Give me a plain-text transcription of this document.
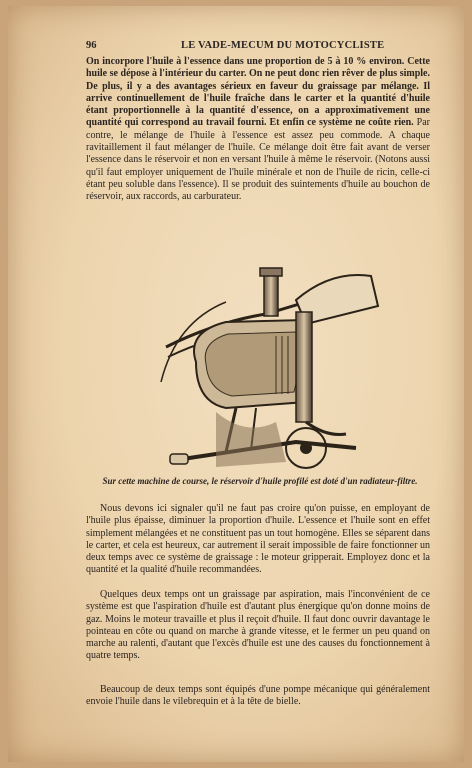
96	LE VADE-MECUM DU MOTOCYCLISTE

On incorpore l'huile à l'essence dans une proportion de 5 à 10 % environ. Cette huile se dépose à l'intérieur du carter. On ne peut donc rien rêver de plus simple. De plus, il y a des avantages sérieux en faveur du graissage par mélange. Il arrive continuellement de l'huile fraîche dans le carter et la quantité d'huile étant proportionnelle à la quantité d'essence, on a approximativement une quantité qui correspond au travail fourni. Et enfin ce système ne coûte rien. Par contre, le mélange de l'huile à l'essence est assez peu commode. A chaque ravitaillement il faut mélanger de l'huile. Ce mélange doit être fait avant de verser l'essence dans le réservoir et non en versant l'huile à même le réservoir. (Notons aussi qu'il faut employer uniquement de l'huile minérale et non de l'huile de ricin, celle-ci étant peu soluble dans l'essence). Il se produit des suintements d'huile au bouchon de réservoir, aux raccords, au carburateur.

Sur cette machine de course, le réservoir d'huile profilé est doté d'un radiateur-filtre.

Nous devons ici signaler qu'il ne faut pas croire qu'on puisse, en employant de l'huile plus épaisse, diminuer la proportion d'huile. L'essence et l'huile sont en effet simplement mélangées et ne constituent pas un tout homogène. Elles se séparent dans le carter, et cela est heureux, car autrement il serait impossible de faire fonctionner un deux temps avec ce système de graissage : le moteur gripperait. Employez donc et la quantité et la qualité d'huile recommandées.

Quelques deux temps ont un graissage par aspiration, mais l'inconvénient de ce système est que l'aspiration d'huile est d'autant plus énergique qu'on donne moins de gaz. Moins le moteur travaille et plus il reçoit d'huile. Il faut donc ouvrir davantage le pointeau en côte ou quand on marche à grande vitesse, et le fermer un peu quand on marche au ralenti, d'autant que l'excès d'huile est une des causes du fonctionnement à quatre temps.

Beaucoup de deux temps sont équipés d'une pompe mécanique qui généralement envoie l'huile dans le vilebrequin et à la tête de bielle.
